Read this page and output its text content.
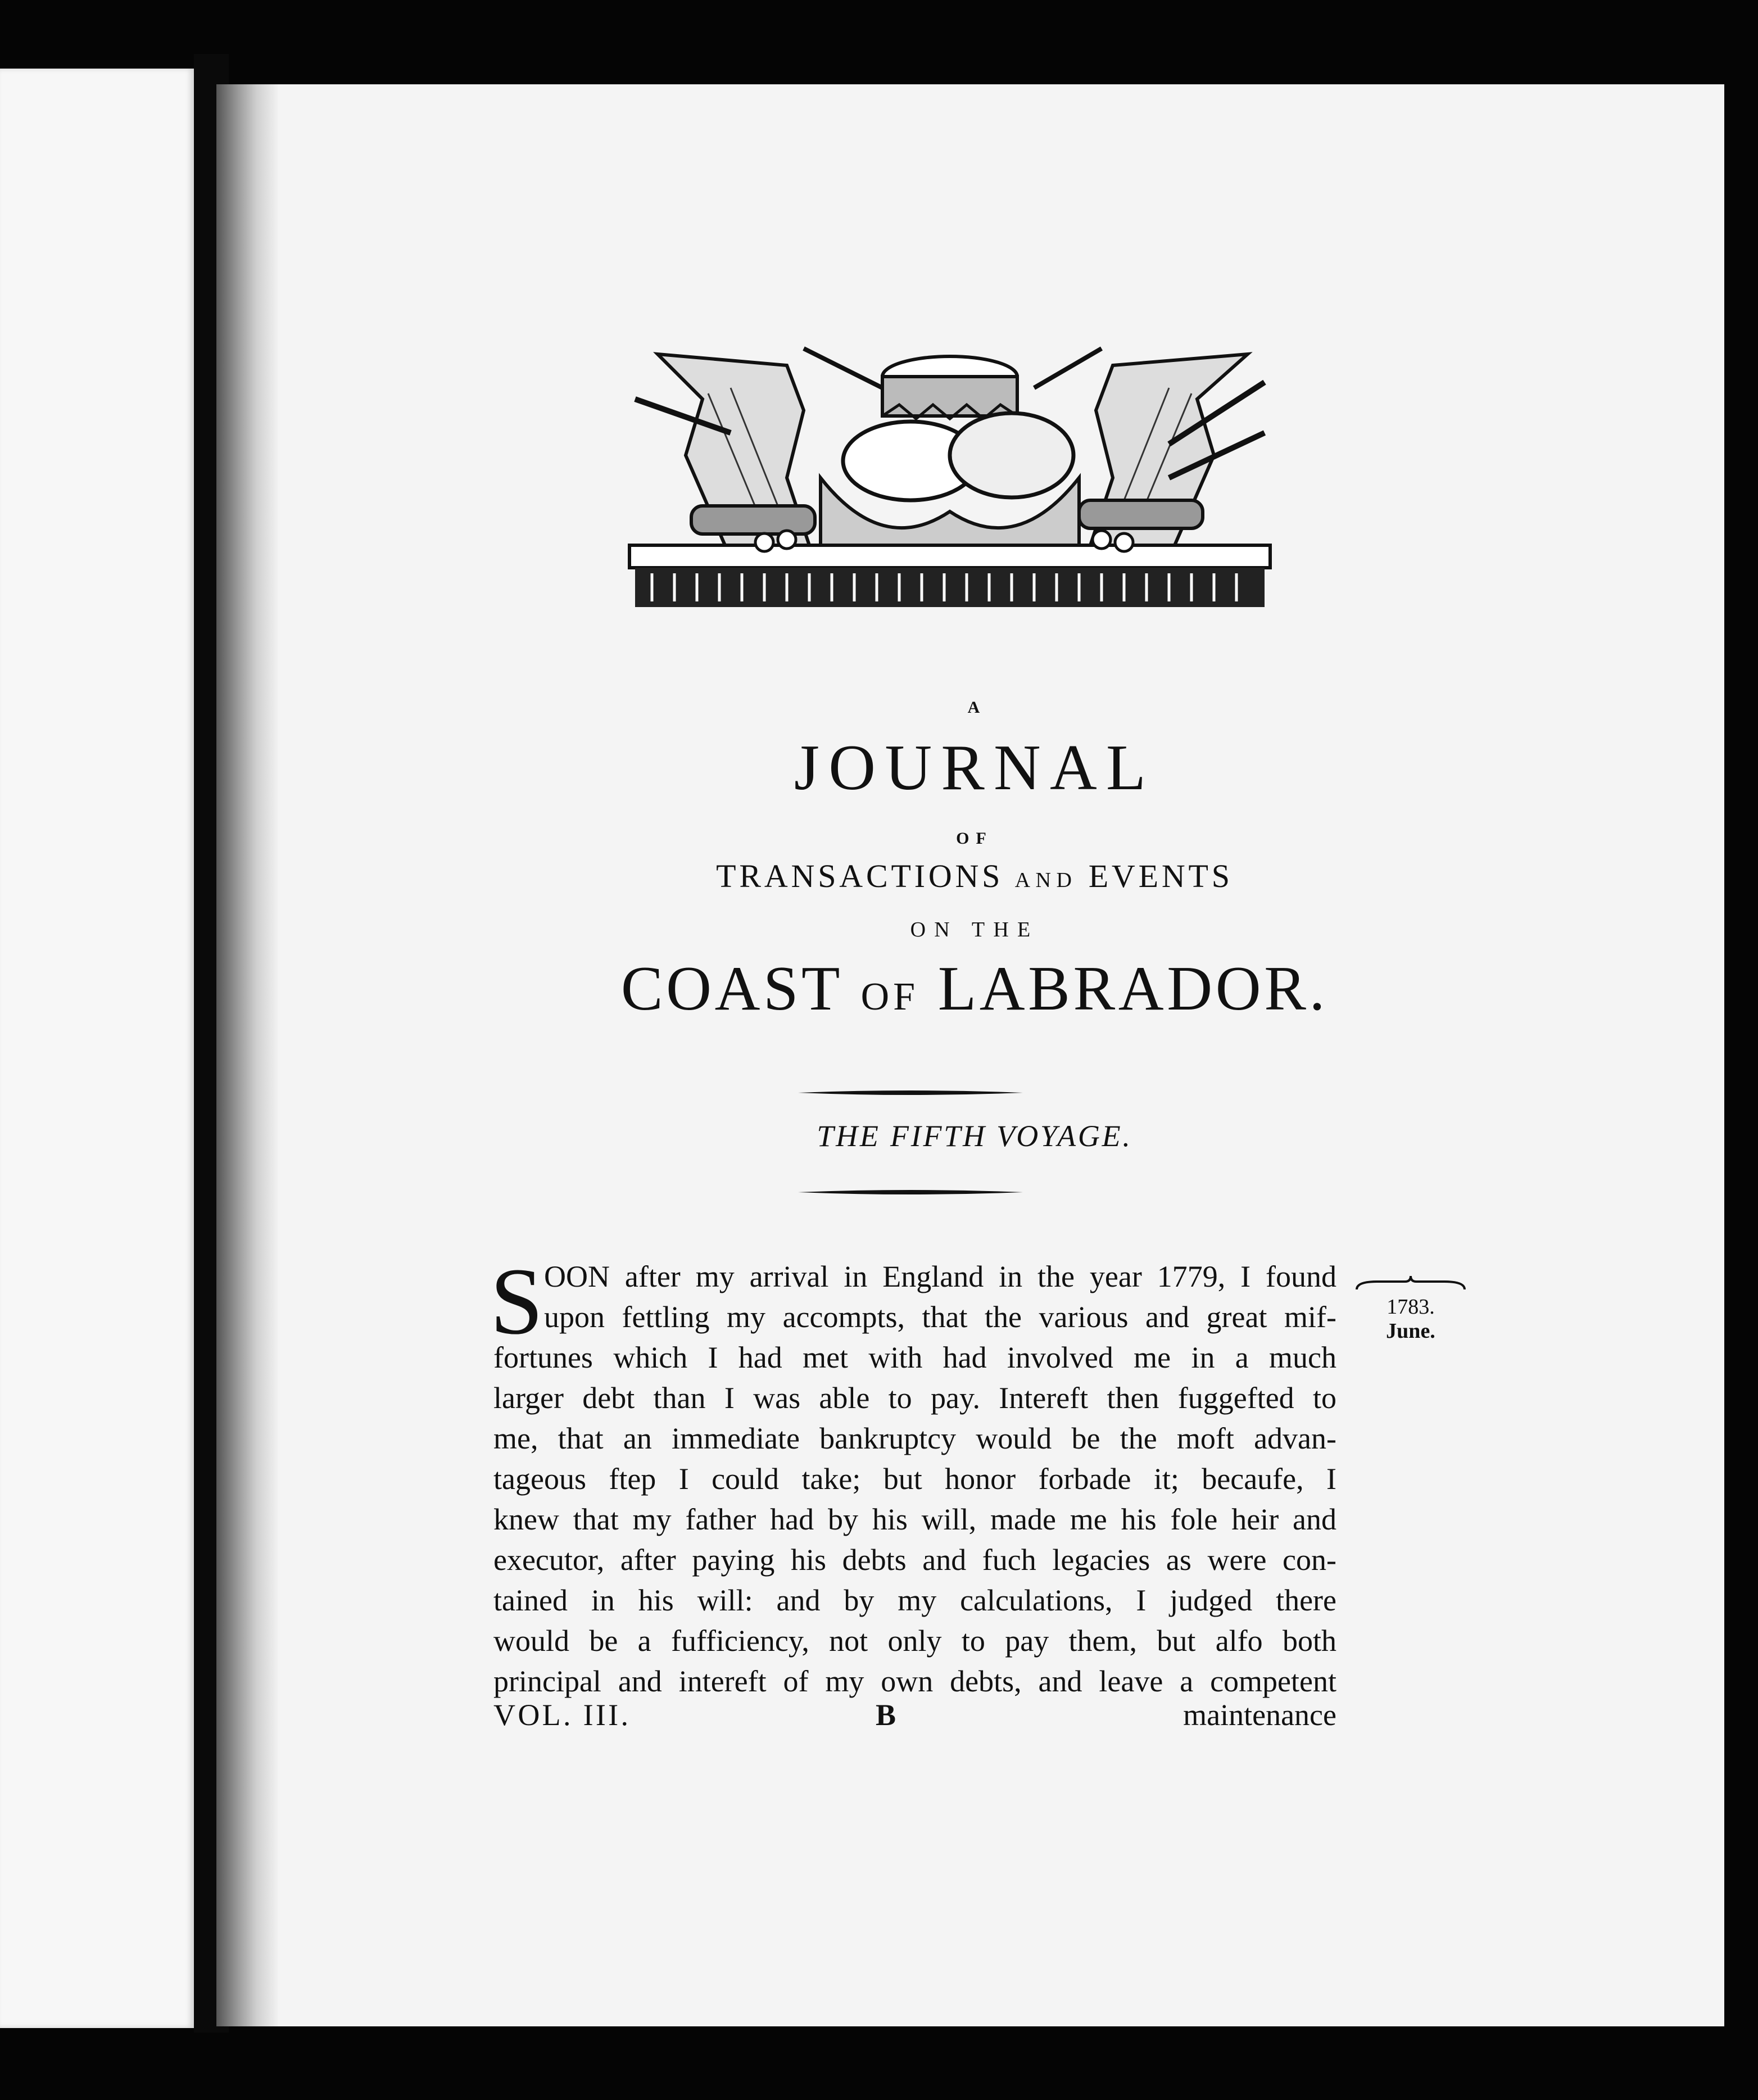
A
JOURNAL
OF
TRANSACTIONS AND EVENTS
ON THE
COAST OF LABRADOR.
THE FIFTH VOYAGE.
S OON after my arrival in England in the year 1779, I found
upon fettling my accompts, that the various and great mif-
fortunes which I had met with had involved me in a much
larger debt than I was able to pay. Intereft then fuggefted to
me, that an immediate bankruptcy would be the moft advan-
tageous ftep I could take; but honor forbade it; becaufe, I
knew that my father had by his will, made me his fole heir and
executor, after paying his debts and fuch legacies as were con-
tained in his will: and by my calculations, I judged there
would be a fufficiency, not only to pay them, but alfo both
principal and intereft of my own debts, and leave a competent
1783.
June.
VOL. III.	B	maintenance
